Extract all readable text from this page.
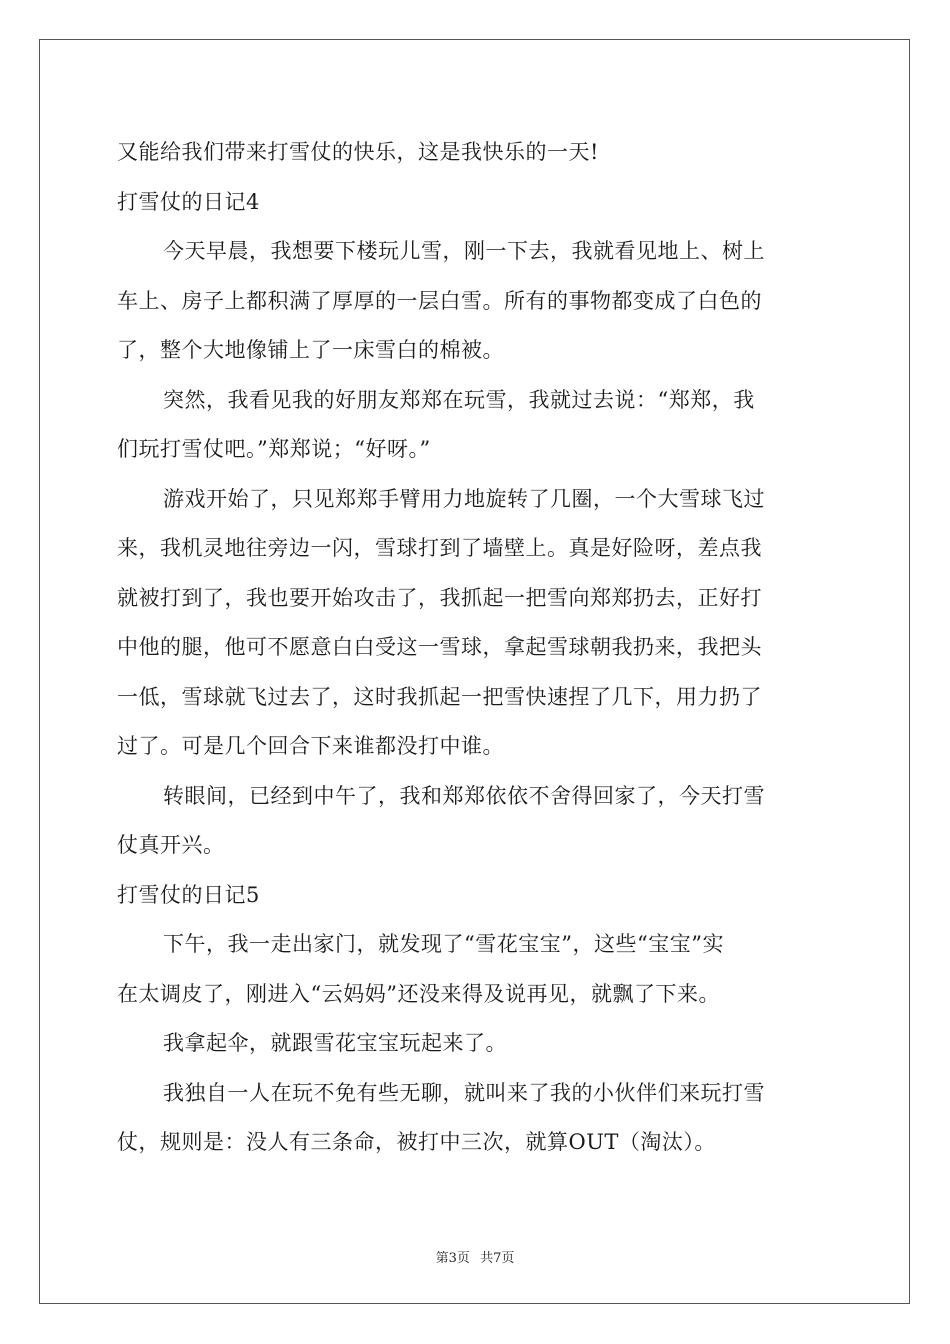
又能给我们带来打雪仗的快乐，这是我快乐的一天!
打雪仗的日记4
今天早晨，我想要下楼玩儿雪，刚一下去，我就看见地上、树上
车上、房子上都积满了厚厚的一层白雪。所有的事物都变成了白色的
了，整个大地像铺上了一床雪白的棉被。
突然，我看见我的好朋友郑郑在玩雪，我就过去说：“郑郑，我
们玩打雪仗吧。”郑郑说；“好呀。”
游戏开始了，只见郑郑手臂用力地旋转了几圈，一个大雪球飞过
来，我机灵地往旁边一闪，雪球打到了墙壁上。真是好险呀，差点我
就被打到了，我也要开始攻击了，我抓起一把雪向郑郑扔去，正好打
中他的腿，他可不愿意白白受这一雪球，拿起雪球朝我扔来，我把头
一低，雪球就飞过去了，这时我抓起一把雪快速捏了几下，用力扔了
过了。可是几个回合下来谁都没打中谁。
转眼间，已经到中午了，我和郑郑依依不舍得回家了，今天打雪
仗真开兴。
打雪仗的日记5
下午，我一走出家门，就发现了“雪花宝宝”，这些“宝宝”实
在太调皮了，刚进入“云妈妈”还没来得及说再见，就飘了下来。
我拿起伞，就跟雪花宝宝玩起来了。
我独自一人在玩不免有些无聊，就叫来了我的小伙伴们来玩打雪
仗，规则是：没人有三条命，被打中三次，就算OUT（淘汰）。
第3页 共7页
